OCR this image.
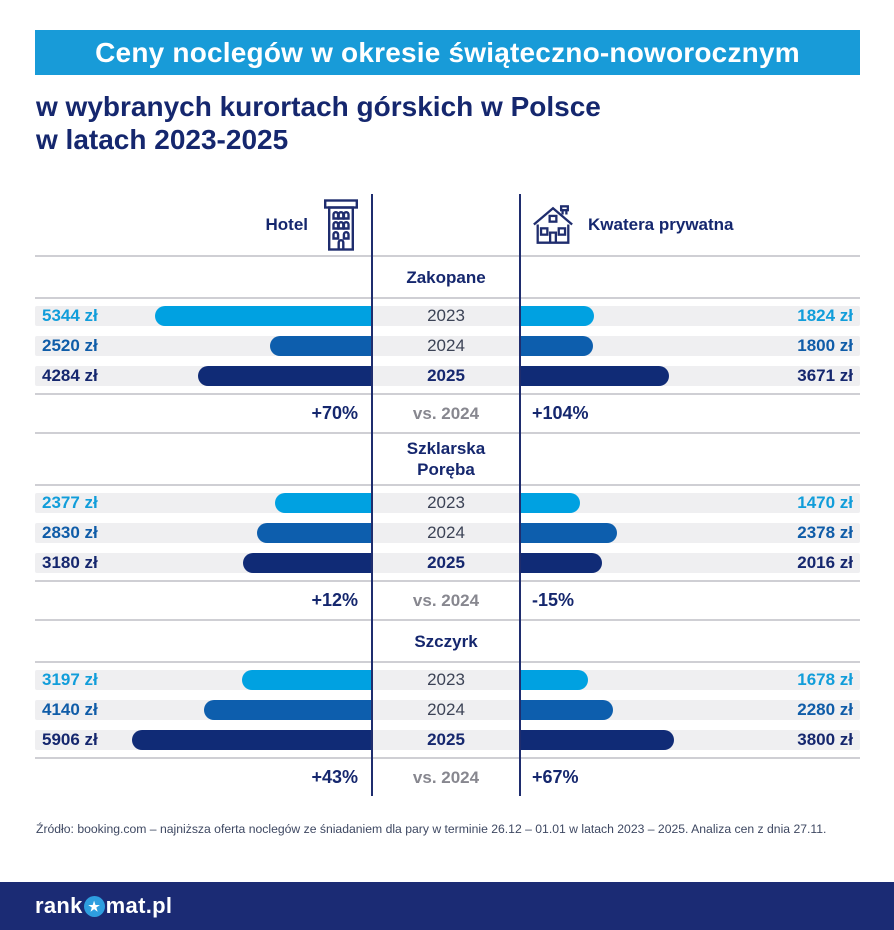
Ceny noclegów w okresie świąteczno-noworocznym
w wybranych kurortach górskich w Polsce
w latach 2023-2025
Hotel	Kwatera prywatna
Zakopane
5344 zł	2023	1824 zł
2520 zł	2024	1800 zł
4284 zł	2025	3671 zł
+70%	vs. 2024	+104%
Szklarska Poręba
2377 zł	2023	1470 zł
2830 zł	2024	2378 zł
3180 zł	2025	2016 zł
+12%	vs. 2024	-15%
Szczyrk
3197 zł	2023	1678 zł
4140 zł	2024	2280 zł
5906 zł	2025	3800 zł
+43%	vs. 2024	+67%
Źródło: booking.com – najniższa oferta noclegów ze śniadaniem dla pary w terminie 26.12 – 01.01 w latach 2023 – 2025. Analiza cen z dnia 27.11.
rank ★ mat.pl
